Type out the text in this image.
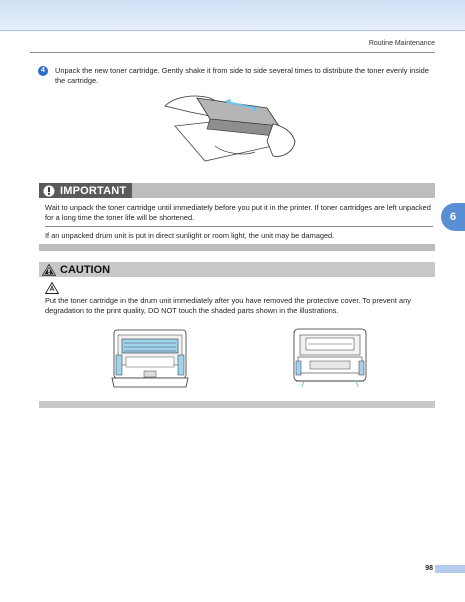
Routine Maintenance
6
4 Unpack the new toner cartridge. Gently shake it from side to side several times to distribute the toner evenly inside the cartridge.
IMPORTANT
Wait to unpack the toner cartridge until immediately before you put it in the printer. If toner cartridges are left unpacked for a long time the toner life will be shortened.
If an unpacked drum unit is put in direct sunlight or room light, the unit may be damaged.
CAUTION
Put the toner cartridge in the drum unit immediately after you have removed the protective cover. To prevent any degradation to the print quality, DO NOT touch the shaded parts shown in the illustrations.
98
